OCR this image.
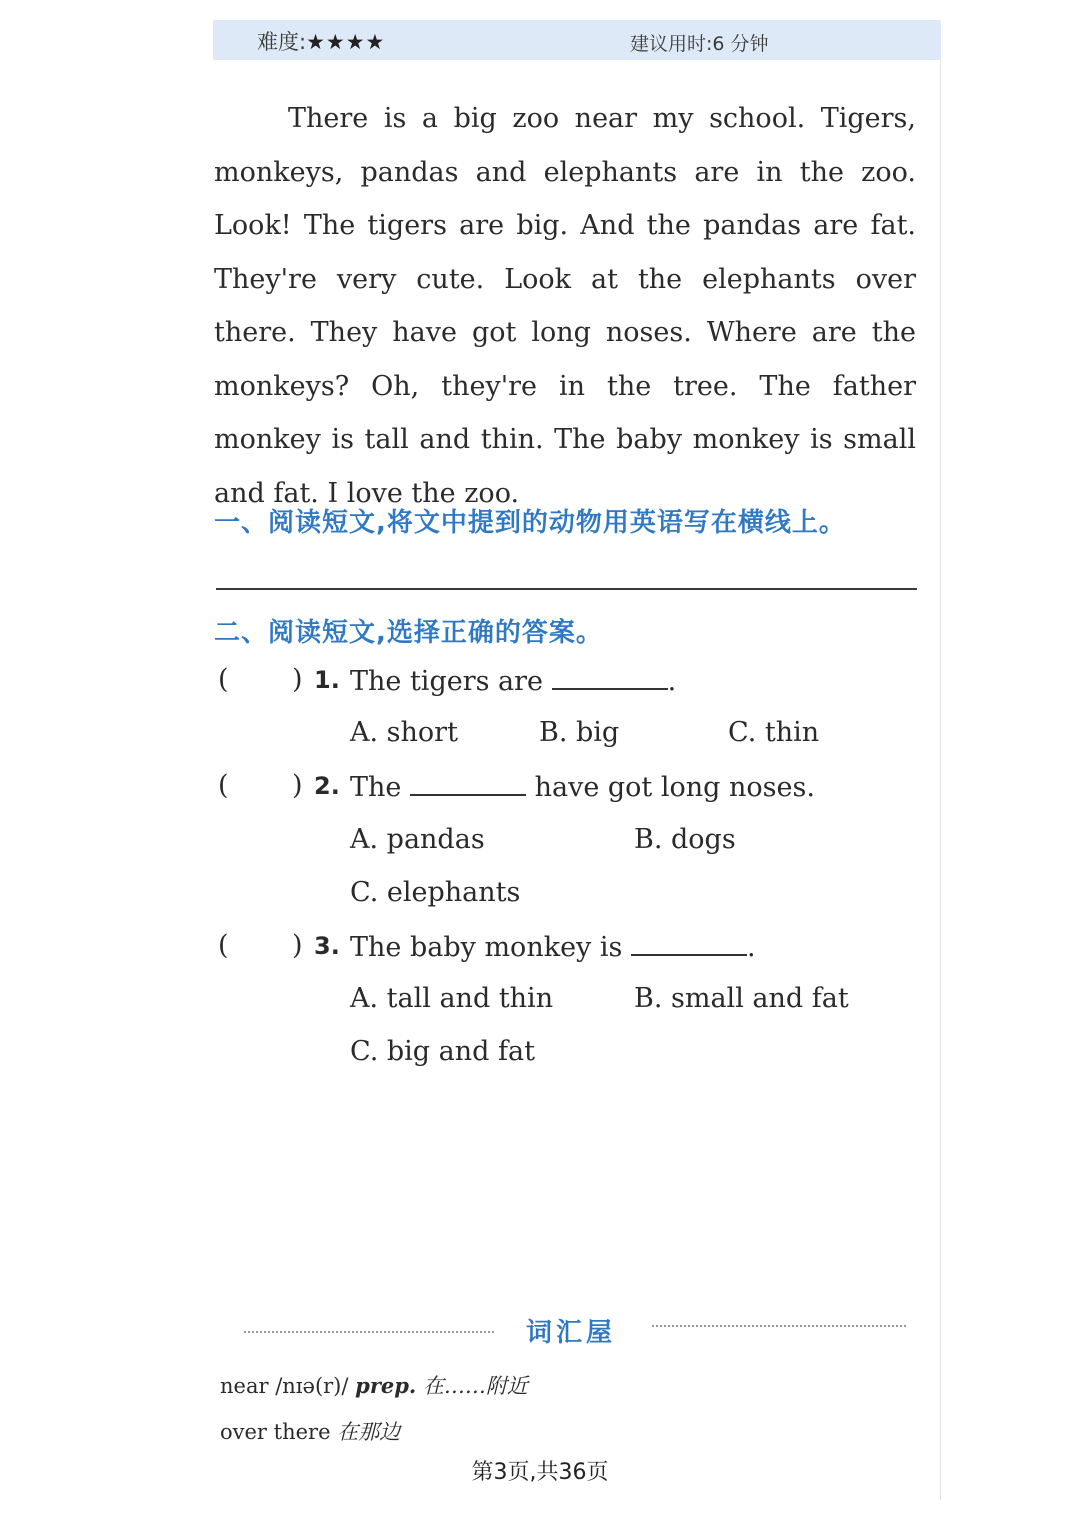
难度:★★★★	建议用时:6 分钟

There is a big zoo near my school. Tigers, monkeys, pandas and elephants are in the zoo. Look! The tigers are big. And the pandas are fat. They're very cute. Look at the elephants over there. They have got long noses. Where are the monkeys? Oh, they're in the tree. The father monkey is tall and thin. The baby monkey is small and fat. I love the zoo.

一、阅读短文,将文中提到的动物用英语写在横线上。
二、阅读短文,选择正确的答案。
( ) 1. The tigers are	.
A. short	B. big	C. thin
( ) 2. The	have got long noses.
A. pandas	B. dogs
C. elephants
( ) 3. The baby monkey is	.
A. tall and thin	B. small and fat
C. big and fat
词汇屋
near /nɪə(r)/ prep. 在……附近
over there 在那边
第3页,共36页
